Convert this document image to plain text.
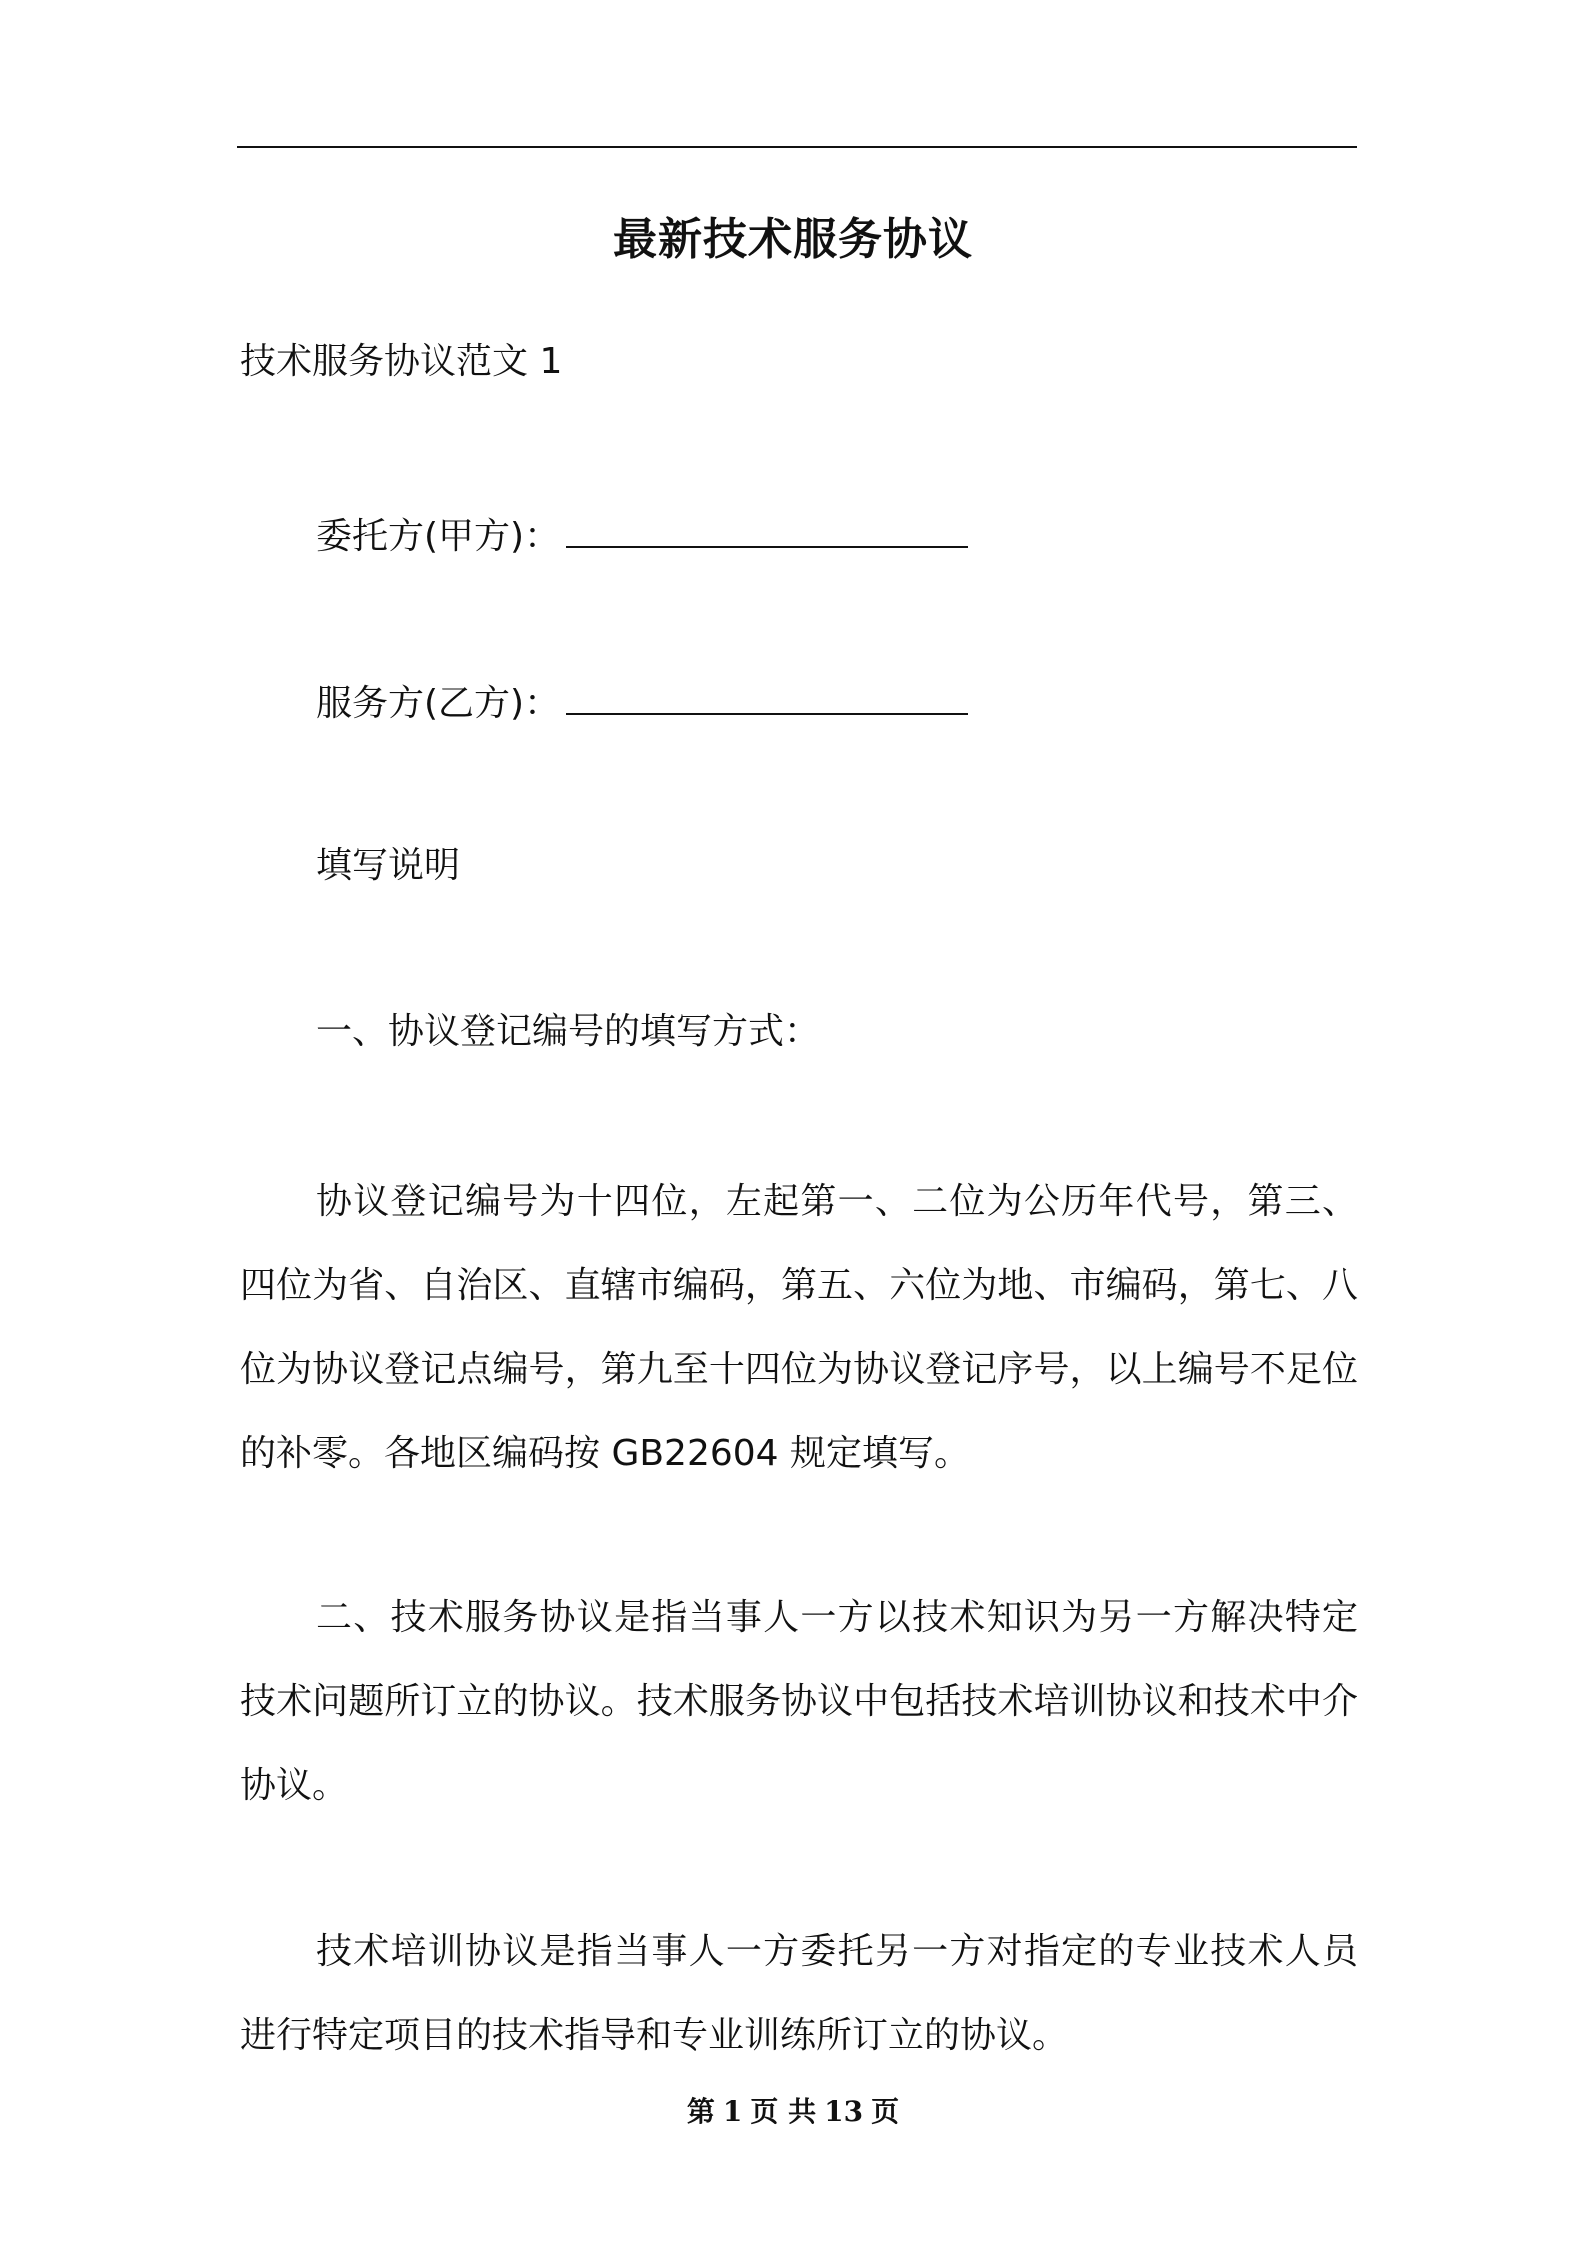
最新技术服务协议
技术服务协议范文 1
委托方(甲方)：
服务方(乙方)：
填写说明
一、协议登记编号的填写方式：

协议登记编号为十四位，左起第一、二位为公历年代号，第三、四位为省、自治区、直辖市编码，第五、六位为地、市编码，第七、八位为协议登记点编号，第九至十四位为协议登记序号，以上编号不足位的补零。各地区编码按 GB22604 规定填写。

二、技术服务协议是指当事人一方以技术知识为另一方解决特定技术问题所订立的协议。技术服务协议中包括技术培训协议和技术中介协议。

技术培训协议是指当事人一方委托另一方对指定的专业技术人员进行特定项目的技术指导和专业训练所订立的协议。

第 1 页 共 13 页
